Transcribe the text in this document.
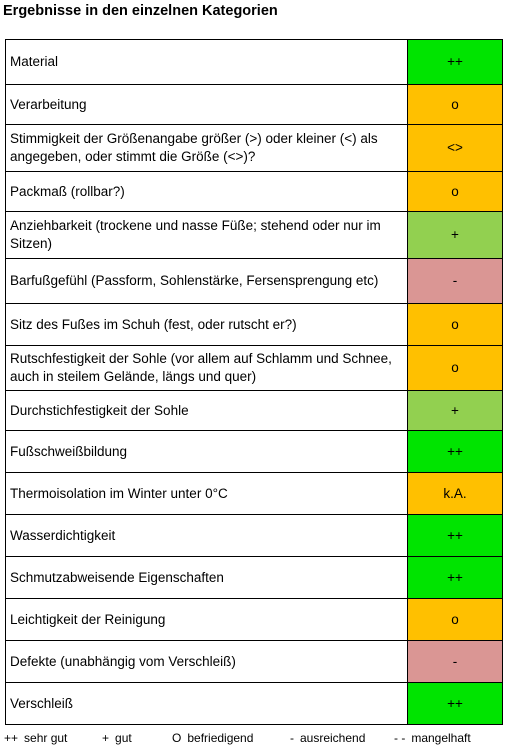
Ergebnisse in den einzelnen Kategorien
Material	++
Verarbeitung	o
Stimmigkeit der Größenangabe größer (>) oder kleiner (<) als angegeben, oder stimmt die Größe (<>)?	<>
Packmaß (rollbar?)	o
Anziehbarkeit (trockene und nasse Füße; stehend oder nur im Sitzen)	+
Barfußgefühl (Passform, Sohlenstärke, Fersensprengung etc)	-
Sitz des Fußes im Schuh (fest, oder rutscht er?)	o
Rutschfestigkeit der Sohle (vor allem auf Schlamm und Schnee, auch in steilem Gelände, längs und quer)	o
Durchstichfestigkeit der Sohle	+
Fußschweißbildung	++
Thermoisolation im Winter unter 0°C	k.A.
Wasserdichtigkeit	++
Schmutzabweisende Eigenschaften	++
Leichtigkeit der Reinigung	o
Defekte (unabhängig vom Verschleiß)	-
Verschleiß	++
++ sehr gut	+ gut	O befriedigend	- ausreichend	- - mangelhaft
